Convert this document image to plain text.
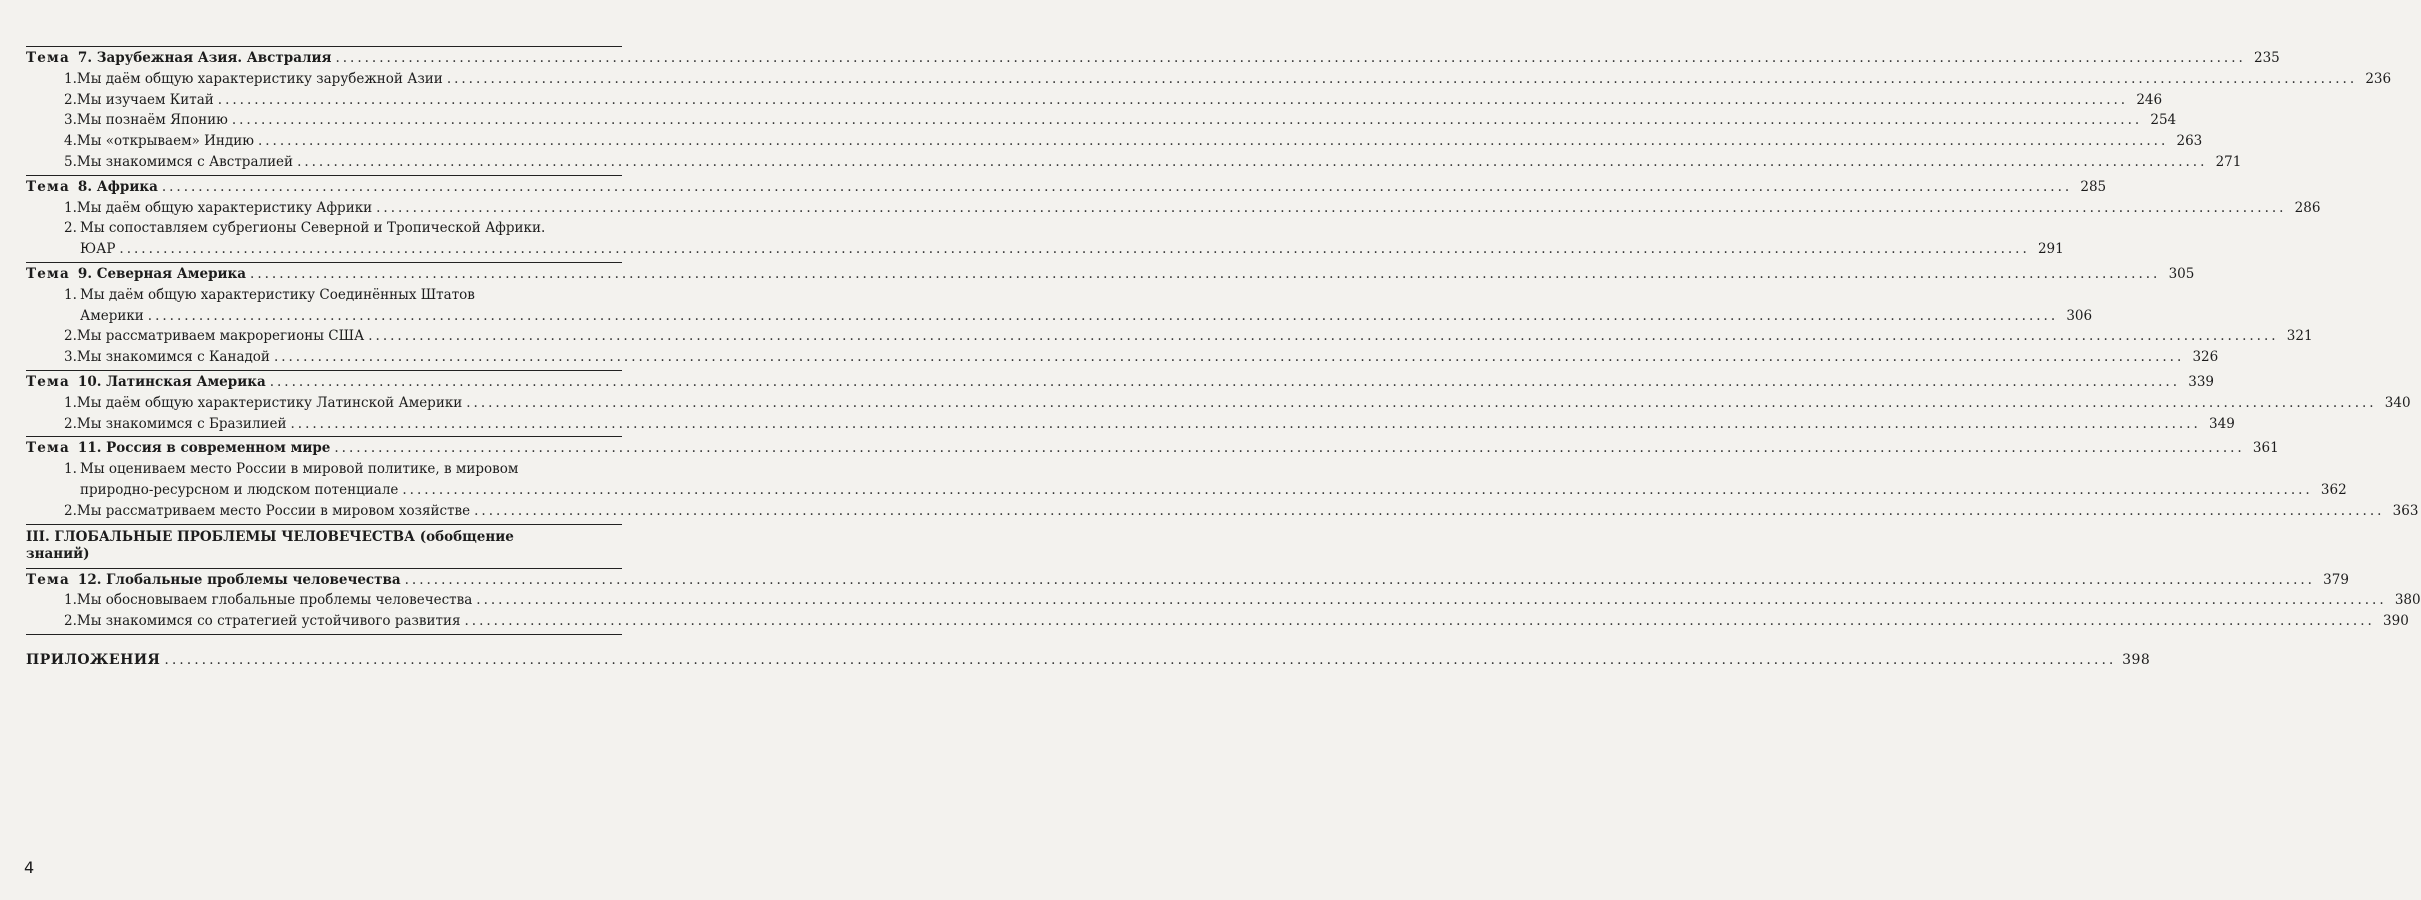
Тема 7. Зарубежная Азия. Австралия .....	235
1. Мы даём общую характеристику зарубежной Азии .....	236
2. Мы изучаем Китай .....	246
3. Мы познаём Японию .....	254
4. Мы «открываем» Индию .....	263
5. Мы знакомимся с Австралией .....	271
Тема 8. Африка .....	285
1. Мы даём общую характеристику Африки .....	286
2. Мы сопоставляем субрегионы Северной и Тропической Африки.
ЮАР .....	291
Тема 9. Северная Америка .....	305
1. Мы даём общую характеристику Соединённых Штатов
Америки .....	306
2. Мы рассматриваем макрорегионы США .....	321
3. Мы знакомимся с Канадой .....	326
Тема 10. Латинская Америка .....	339
1. Мы даём общую характеристику Латинской Америки .....	340
2. Мы знакомимся с Бразилией .....	349
Тема 11. Россия в современном мире .....	361
1. Мы оцениваем место России в мировой политике, в мировом
природно-ресурсном и людском потенциале .....	362
2. Мы рассматриваем место России в мировом хозяйстве .....	363
III. ГЛОБАЛЬНЫЕ ПРОБЛЕМЫ ЧЕЛОВЕЧЕСТВА (обобщение
знаний)
Тема 12. Глобальные проблемы человечества .....	379
1. Мы обосновываем глобальные проблемы человечества .....	380
2. Мы знакомимся со стратегией устойчивого развития .....	390
ПРИЛОЖЕНИЯ .....	398
4
